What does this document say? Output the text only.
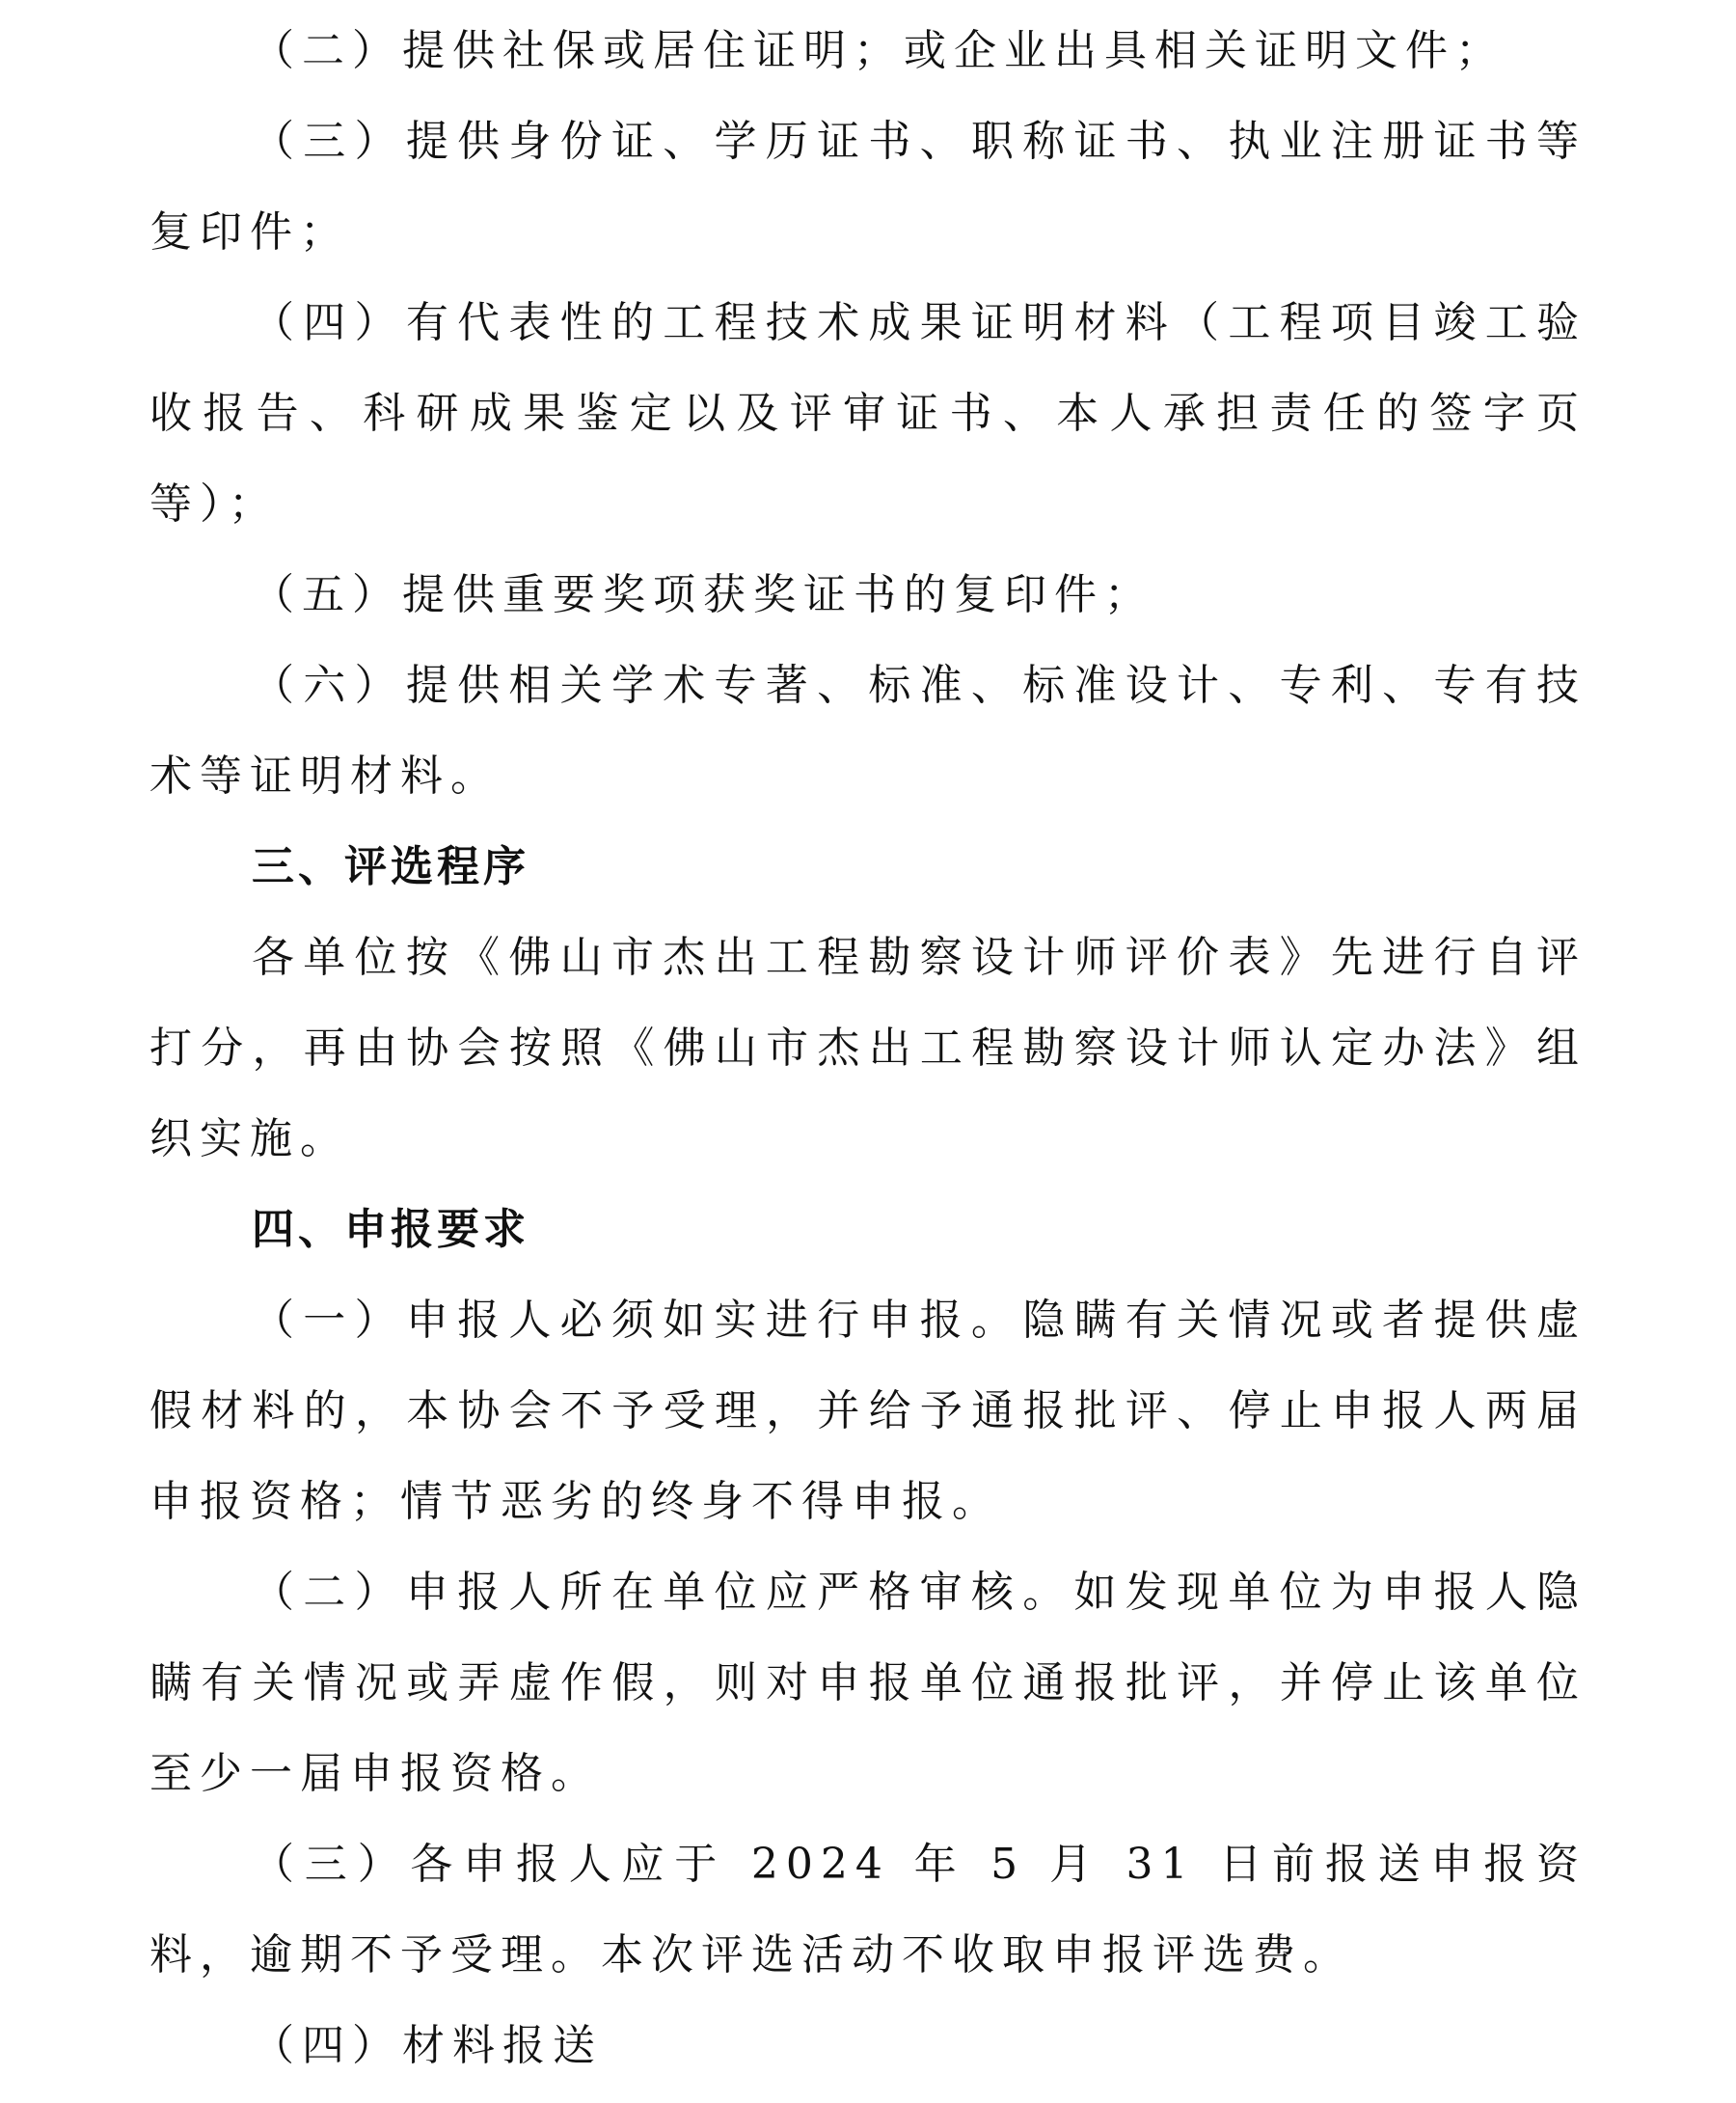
（二）提供社保或居住证明；或企业出具相关证明文件；

（三）提供身份证、学历证书、职称证书、执业注册证书等复印件；

（四）有代表性的工程技术成果证明材料（工程项目竣工验收报告、科研成果鉴定以及评审证书、本人承担责任的签字页等）；

（五）提供重要奖项获奖证书的复印件；

（六）提供相关学术专著、标准、标准设计、专利、专有技术等证明材料。

三、评选程序

各单位按《佛山市杰出工程勘察设计师评价表》先进行自评打分，再由协会按照《佛山市杰出工程勘察设计师认定办法》组织实施。

四、申报要求

（一）申报人必须如实进行申报。隐瞒有关情况或者提供虚假材料的，本协会不予受理，并给予通报批评、停止申报人两届申报资格；情节恶劣的终身不得申报。

（二）申报人所在单位应严格审核。如发现单位为申报人隐瞒有关情况或弄虚作假，则对申报单位通报批评，并停止该单位至少一届申报资格。

（三）各申报人应于 2024 年 5 月 31 日前报送申报资料，逾期不予受理。本次评选活动不收取申报评选费。

（四）材料报送
